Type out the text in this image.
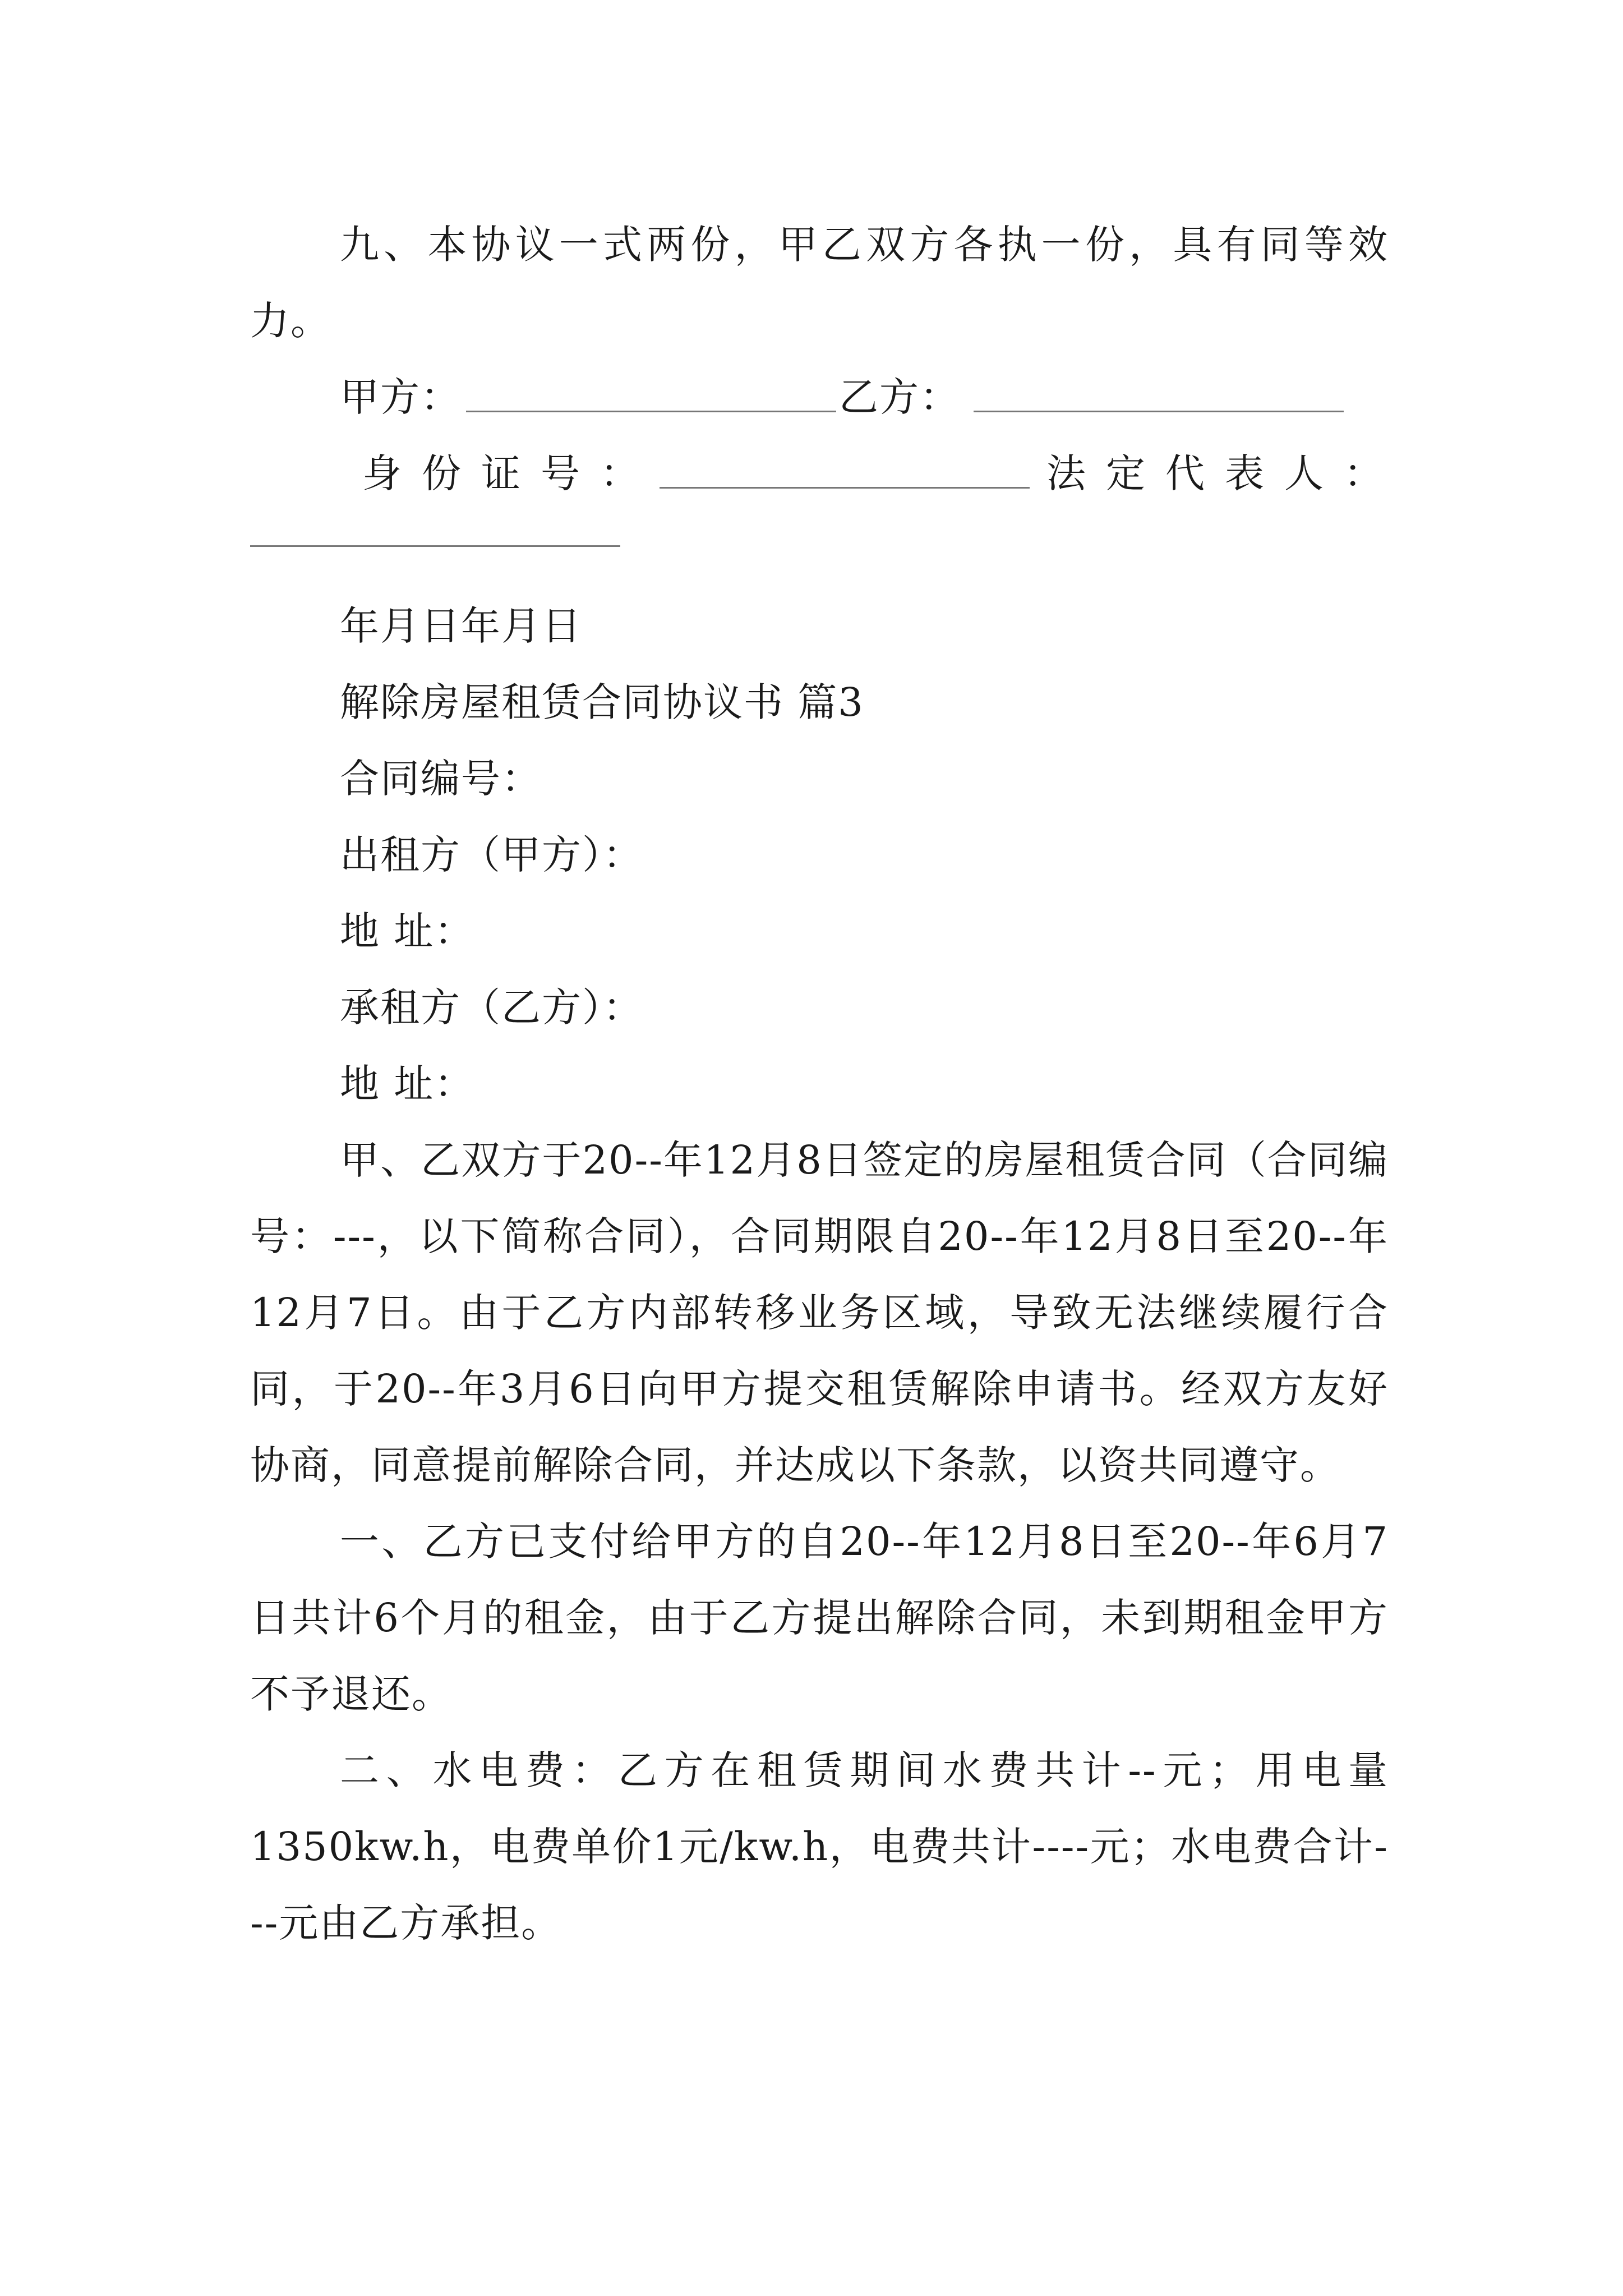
九、本协议一式两份，甲乙双方各执一份，具有同等效力。

甲方：	乙方：
身份证号：	法定代表人：

年月日年月日

解除房屋租赁合同协议书 篇3

合同编号：

出租方（甲方）：

地 址：

承租方（乙方）：

地 址：

甲、乙双方于20--年12月8日签定的房屋租赁合同（合同编号：---，以下简称合同），合同期限自20--年12月8日至20--年12月7日。由于乙方内部转移业务区域，导致无法继续履行合同，于20--年3月6日向甲方提交租赁解除申请书。经双方友好协商，同意提前解除合同，并达成以下条款，以资共同遵守。

一、乙方已支付给甲方的自20--年12月8日至20--年6月7日共计6个月的租金，由于乙方提出解除合同，未到期租金甲方不予退还。

二、水电费：乙方在租赁期间水费共计--元；用电量1350kw.h，电费单价1元/kw.h，电费共计----元；水电费合计---元由乙方承担。
